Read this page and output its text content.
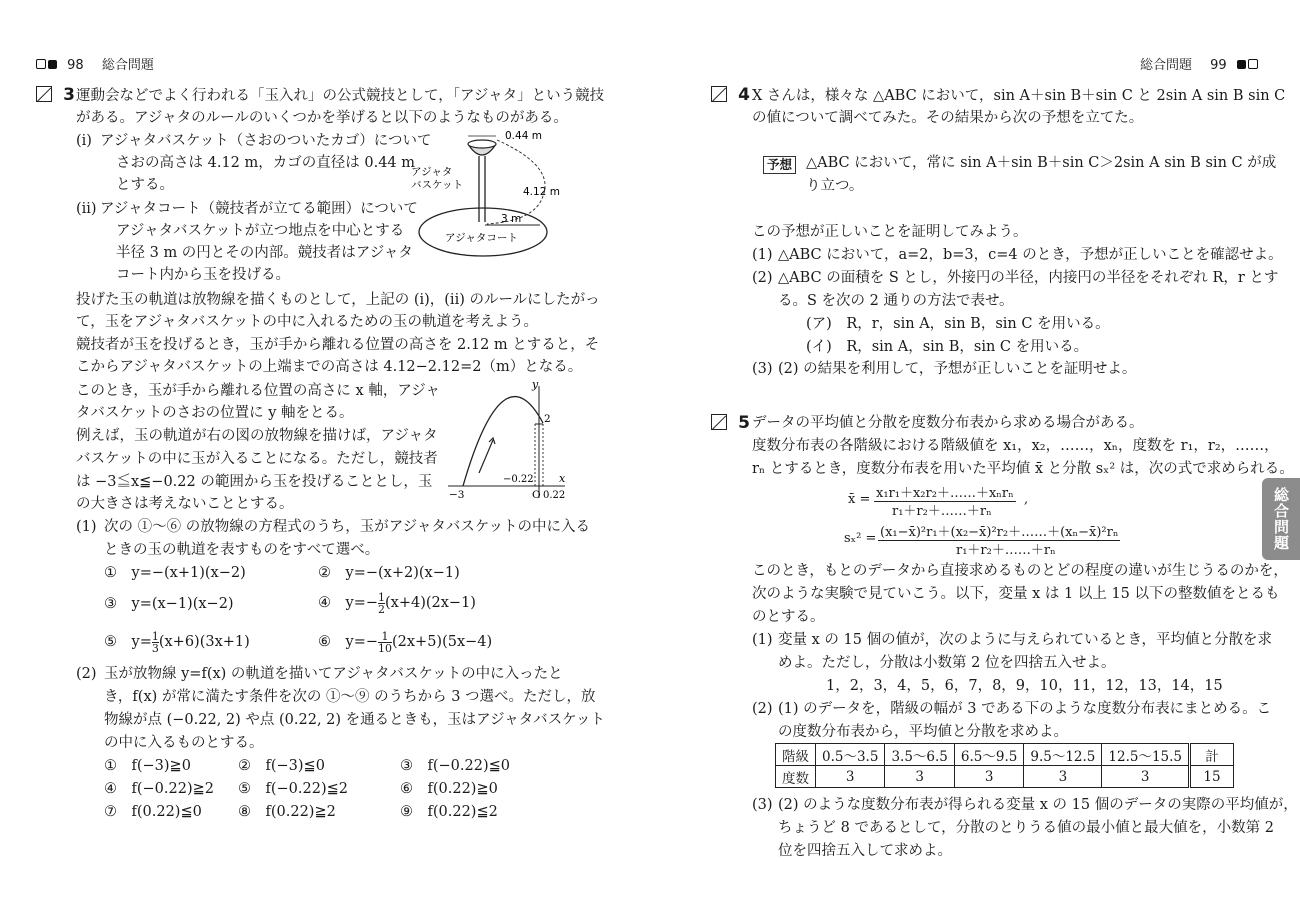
98 総合問題	総合問題 99
総合問題
3 運動会などでよく行われる「玉入れ」の公式競技として，「アジャタ」という競技
がある。アジャタのルールのいくつかを挙げると以下のようなものがある。
(i) アジャタバスケット（さおのついたカゴ）について
さおの高さは 4.12 m，カゴの直径は 0.44 m
とする。
(ii) アジャタコート（競技者が立てる範囲）について
アジャタバスケットが立つ地点を中心とする
半径 3 m の円とその内部。競技者はアジャタ
コート内から玉を投げる。
0.44 m
4.12 m
3 m
アジャタ
バスケット
アジャタコート
投げた玉の軌道は放物線を描くものとして，上記の (i)，(ii) のルールにしたがっ
て，玉をアジャタバスケットの中に入れるための玉の軌道を考えよう。
競技者が玉を投げるとき，玉が手から離れる位置の高さを 2.12 m とすると，そ
こからアジャタバスケットの上端までの高さは 4.12−2.12=2（m）となる。
このとき，玉が手から離れる位置の高さに x 軸，アジャ
タバスケットのさおの位置に y 軸をとる。
例えば，玉の軌道が右の図の放物線を描けば，アジャタ
バスケットの中に玉が入ることになる。ただし，競技者
は −3≦x≦−0.22 の範囲から玉を投げることとし，玉
の大きさは考えないこととする。
y
x
2
−3
−0.22
O 0.22
(1) 次の ①～⑥ の放物線の方程式のうち，玉がアジャタバスケットの中に入る
ときの玉の軌道を表すものをすべて選べ。
①　y=−(x+1)(x−2)	②　y=−(x+2)(x−1)
③　y=(x−1)(x−2)	④　$y=- \frac{1}{2} (x+4)(2x-1)$
⑤　$y= \frac{1}{3} (x+6)(3x+1)$	⑥　$y=- \frac{1}{10} (2x+5)(5x-4)$
(2) 玉が放物線 y=f(x) の軌道を描いてアジャタバスケットの中に入ったと
き，f(x) が常に満たす条件を次の ①～⑨ のうちから 3 つ選べ。ただし，放
物線が点 (−0.22, 2) や点 (0.22, 2) を通るときも，玉はアジャタバスケット
の中に入るものとする。
①　f(−3)≧0	②　f(−3)≦0	③　f(−0.22)≦0
④　f(−0.22)≧2 ⑤　f(−0.22)≦2	⑥　f(0.22)≧0
⑦　f(0.22)≦0 ⑧　f(0.22)≧2	⑨　f(0.22)≦2
4 X さんは，様々な △ABC において，sin A＋sin B＋sin C と 2sin A sin B sin C
の値について調べてみた。その結果から次の予想を立てた。
予想 △ABC において，常に sin A＋sin B＋sin C＞2sin A sin B sin C が成
り立つ。
この予想が正しいことを証明してみよう。
(1) △ABC において，a=2，b=3，c=4 のとき，予想が正しいことを確認せよ。
(2) △ABC の面積を S とし，外接円の半径，内接円の半径をそれぞれ R，r とす
る。S を次の 2 通りの方法で表せ。
(ア)　R，r，sin A，sin B，sin C を用いる。
(イ)　R，sin A，sin B，sin C を用いる。
(3) (2) の結果を利用して，予想が正しいことを証明せよ。
5 データの平均値と分散を度数分布表から求める場合がある。
度数分布表の各階級における階級値を x₁，x₂，……，xₙ，度数を r₁，r₂，……，
rₙ とするとき，度数分布表を用いた平均値 x̄ と分散 sₓ² は，次の式で求められる。
x̄ = x₁r₁＋x₂r₂＋……＋xₙrₙ
r₁＋r₂＋……＋rₙ
,
sₓ² = (x₁−x̄)²r₁＋(x₂−x̄)²r₂＋……＋(xₙ−x̄)²rₙ
r₁＋r₂＋……＋rₙ
このとき，もとのデータから直接求めるものとどの程度の違いが生じうるのかを，
次のような実験で見ていこう。以下，変量 x は 1 以上 15 以下の整数値をとるも
のとする。
(1) 変量 x の 15 個の値が，次のように与えられているとき，平均値と分散を求
めよ。ただし，分散は小数第 2 位を四捨五入せよ。
1，2，3，4，5，6，7，8，9，10，11，12，13，14，15
(2) (1) のデータを，階級の幅が 3 である下のような度数分布表にまとめる。こ
の度数分布表から，平均値と分散を求めよ。
階級	0.5～3.5	3.5～6.5	6.5～9.5	9.5～12.5	12.5～15.5	計
度数	3	3	3	3	3	15
(3) (2) のような度数分布表が得られる変量 x の 15 個のデータの実際の平均値が，
ちょうど 8 であるとして，分散のとりうる値の最小値と最大値を，小数第 2
位を四捨五入して求めよ。
